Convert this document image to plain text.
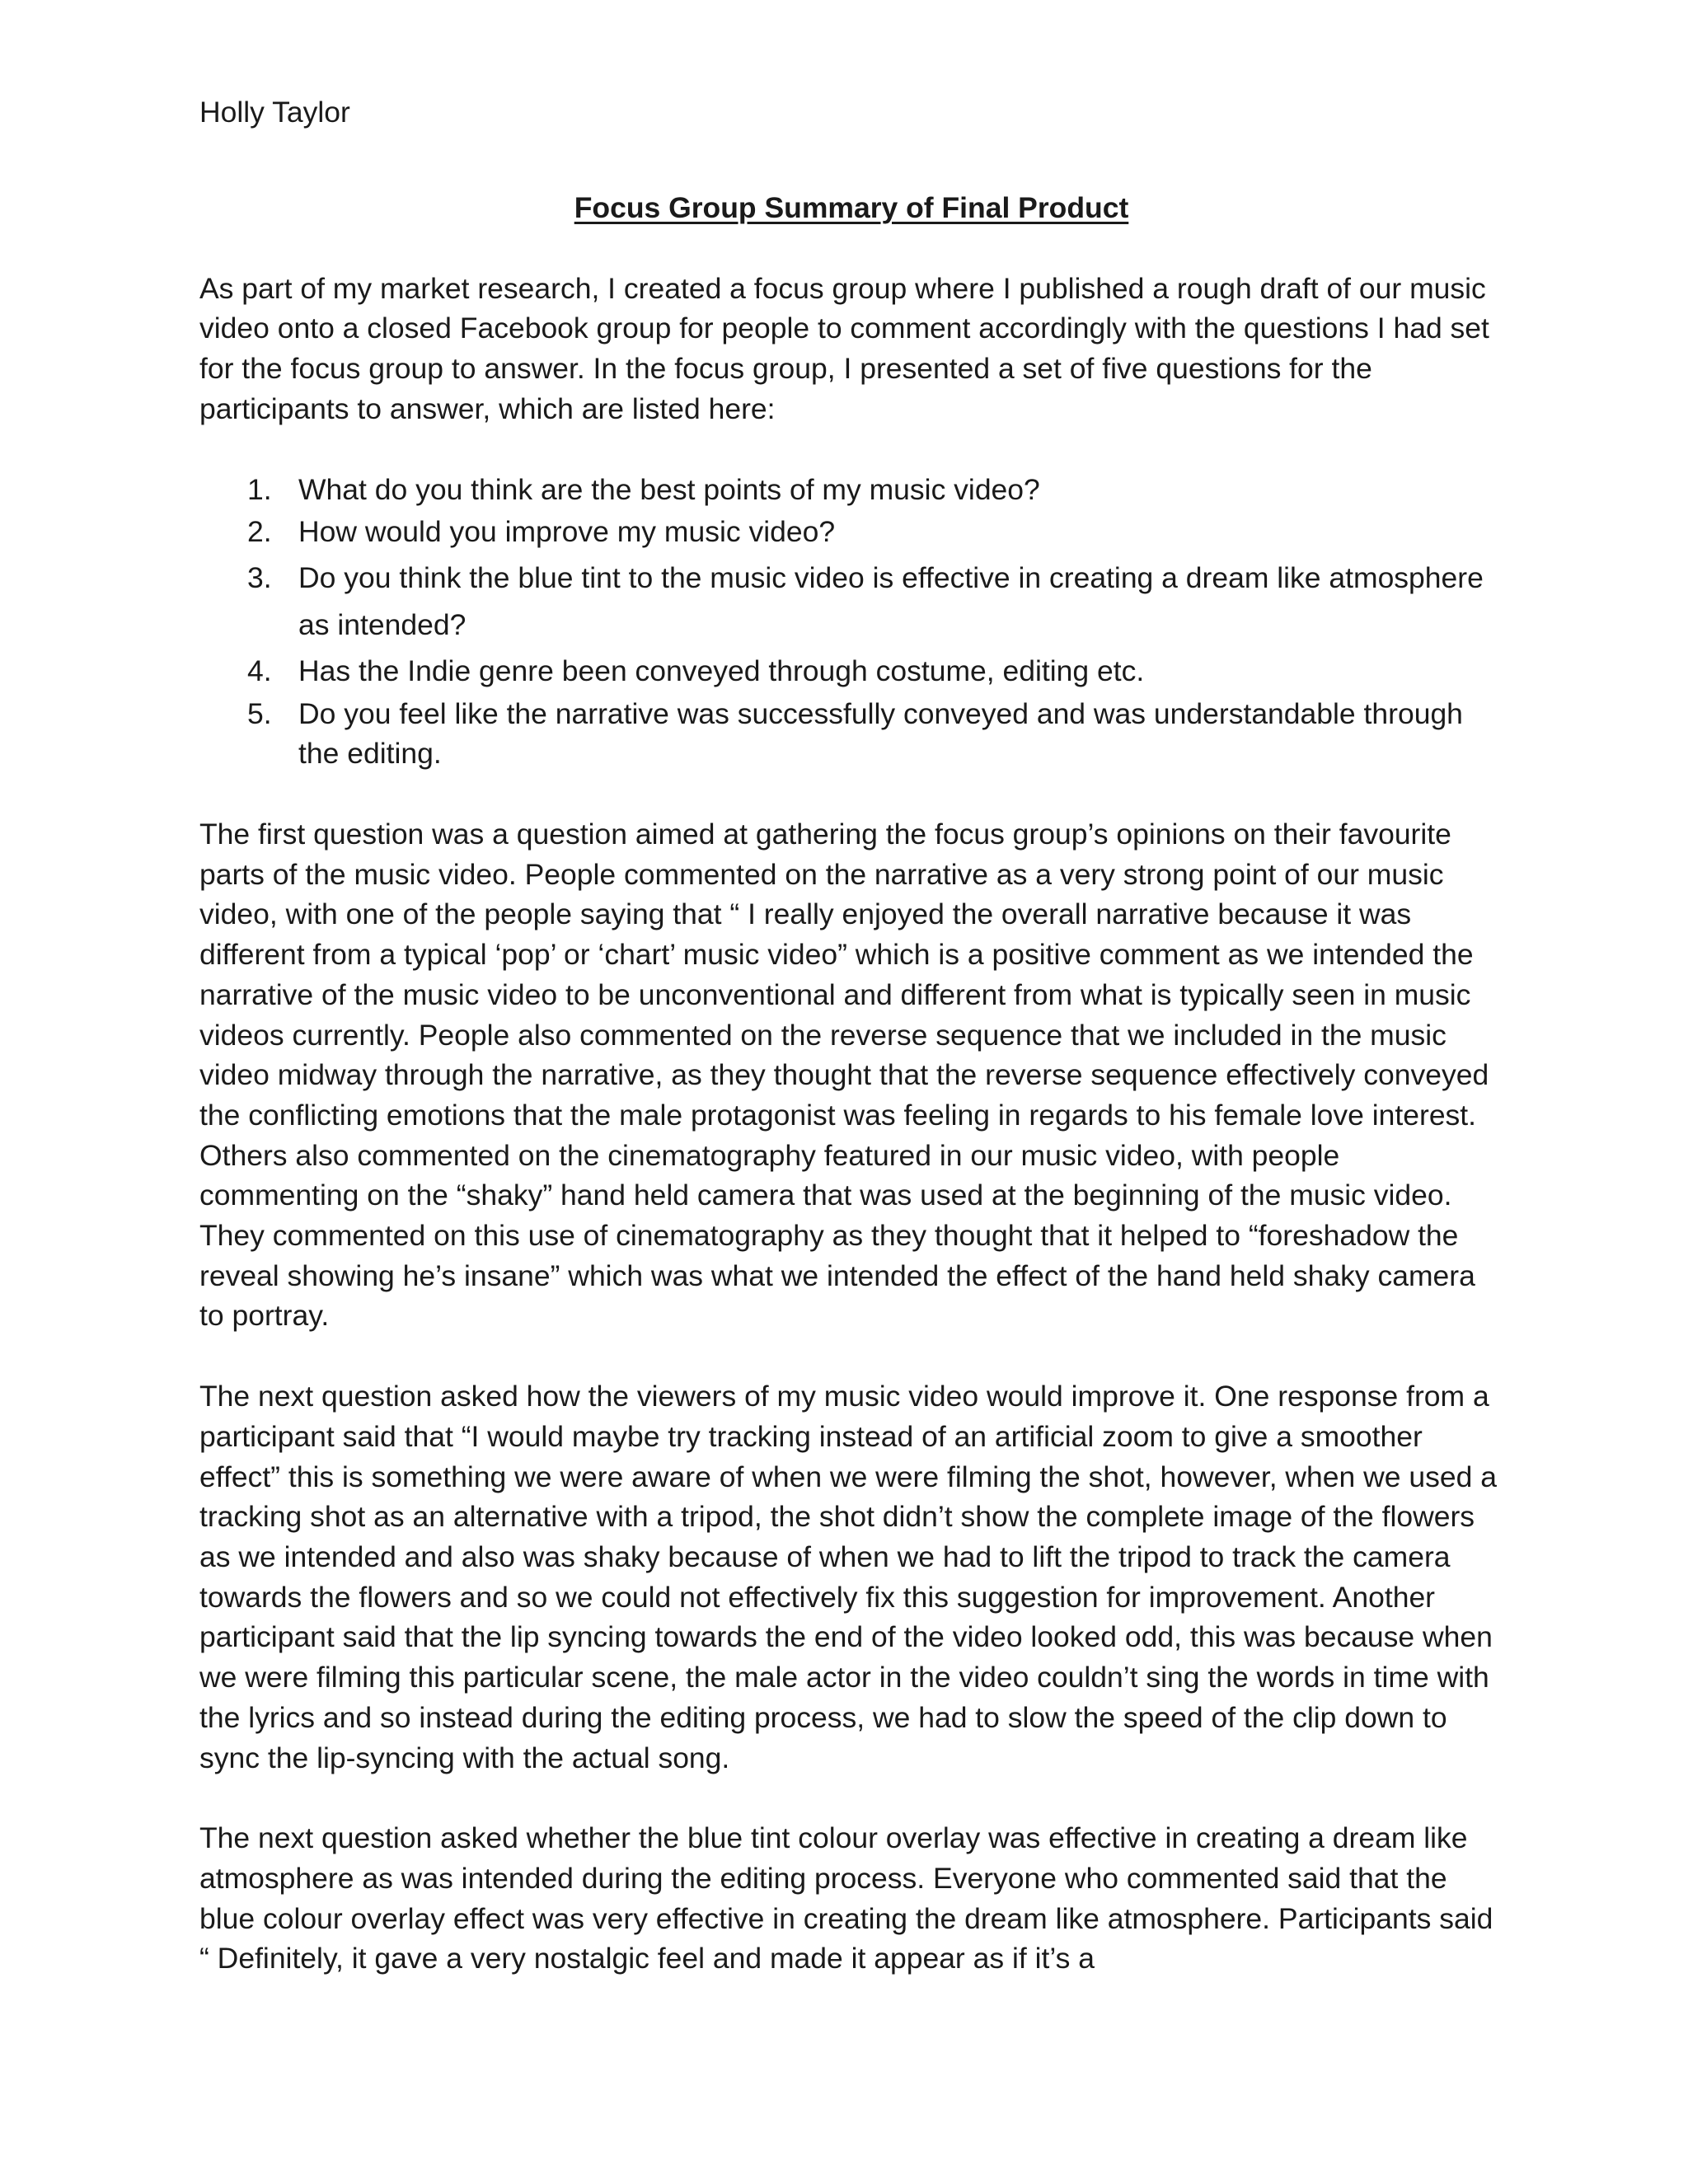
Holly Taylor

Focus Group Summary of Final Product

As part of my market research, I created a focus group where I published a rough draft of our music video onto a closed Facebook group for people to comment accordingly with the questions I had set for the focus group to answer. In the focus group, I presented a set of five questions for the participants to answer, which are listed here:

1. What do you think are the best points of my music video?
2. How would you improve my music video?
3. Do you think the blue tint to the music video is effective in creating a dream like atmosphere as intended?
4. Has the Indie genre been conveyed through costume, editing etc.
5. Do you feel like the narrative was successfully conveyed and was understandable through the editing.

The first question was a question aimed at gathering the focus group’s opinions on their favourite parts of the music video. People commented on the narrative as a very strong point of our music video, with one of the people saying that “ I really enjoyed the overall narrative because it was different from a typical ‘pop’ or ‘chart’ music video” which is a positive comment as we intended the narrative of the music video to be unconventional and different from what is typically seen in music videos currently. People also commented on the reverse sequence that we included in the music video midway through the narrative, as they thought that the reverse sequence effectively conveyed the conflicting emotions that the male protagonist was feeling in regards to his female love interest. Others also commented on the cinematography featured in our music video, with people commenting on the “shaky” hand held camera that was used at the beginning of the music video. They commented on this use of cinematography as they thought that it helped to “foreshadow the reveal showing he’s insane” which was what we intended the effect of the hand held shaky camera to portray.

The next question asked how the viewers of my music video would improve it. One response from a participant said that “I would maybe try tracking instead of an artificial zoom to give a smoother effect” this is something we were aware of when we were filming the shot, however, when we used a tracking shot as an alternative with a tripod, the shot didn’t show the complete image of the flowers as we intended and also was shaky because of when we had to lift the tripod to track the camera towards the flowers and so we could not effectively fix this suggestion for improvement. Another participant said that the lip syncing towards the end of the video looked odd, this was because when we were filming this particular scene, the male actor in the video couldn’t sing the words in time with the lyrics and so instead during the editing process, we had to slow the speed of the clip down to sync the lip-syncing with the actual song.

The next question asked whether the blue tint colour overlay was effective in creating a dream like atmosphere as was intended during the editing process. Everyone who commented said that the blue colour overlay effect was very effective in creating the dream like atmosphere. Participants said “ Definitely, it gave a very nostalgic feel and made it appear as if it’s a
